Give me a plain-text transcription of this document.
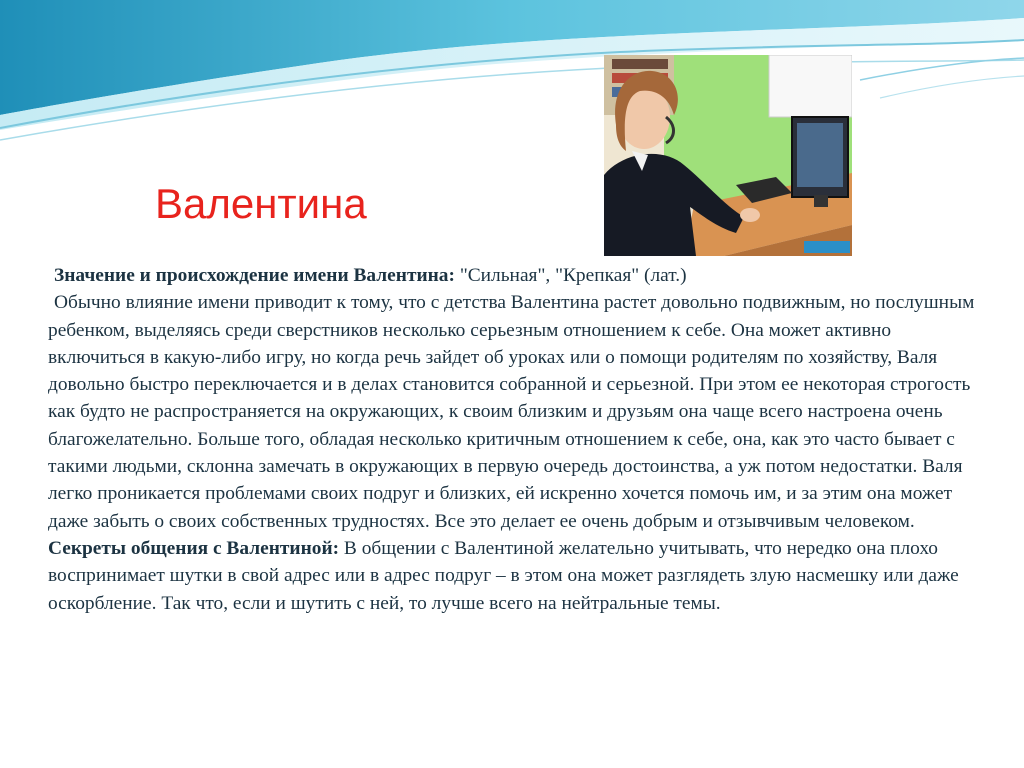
Валентина

Значение и происхождение имени Валентина: "Сильная", "Крепкая" (лат.)

Обычно влияние имени приводит к тому, что с детства Валентина растет довольно подвижным, но послушным ребенком, выделяясь среди сверстников несколько серьезным отношением к себе. Она может активно включиться в какую-либо игру, но когда речь зайдет об уроках или о помощи родителям по хозяйству, Валя довольно быстро переключается и в делах становится собранной и серьезной. При этом ее некоторая строгость как будто не распространяется на окружающих, к своим близким и друзьям она чаще всего настроена очень благожелательно. Больше того, обладая несколько критичным отношением к себе, она, как это часто бывает с такими людьми, склонна замечать в окружающих в первую очередь достоинства, а уж потом недостатки. Валя легко проникается проблемами своих подруг и близких, ей искренно хочется помочь им, и за этим она может даже забыть о своих собственных трудностях. Все это делает ее очень добрым и отзывчивым человеком.

Секреты общения с Валентиной: В общении с Валентиной желательно учитывать, что нередко она плохо воспринимает шутки в свой адрес или в адрес подруг – в этом она может разглядеть злую насмешку или даже оскорбление. Так что, если и шутить с ней, то лучше всего на нейтральные темы.
